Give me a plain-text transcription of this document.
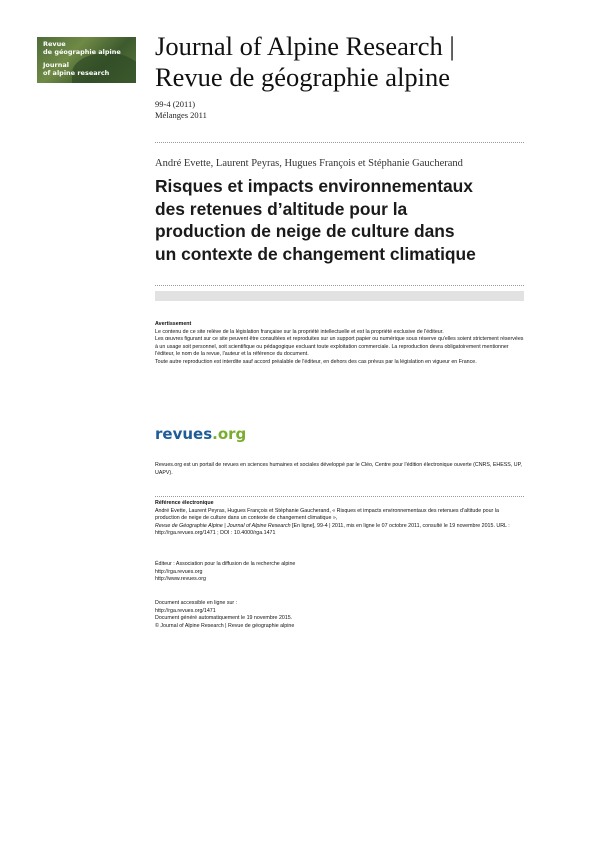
Revue
de géographie alpine
Journal
of alpine research
Journal of Alpine Research |
Revue de géographie alpine
99-4 (2011)
Mélanges 2011
André Evette, Laurent Peyras, Hugues François et Stéphanie Gaucherand
Risques et impacts environnementaux
des retenues d’altitude pour la
production de neige de culture dans
un contexte de changement climatique

Avertissement

Le contenu de ce site relève de la législation française sur la propriété intellectuelle et est la propriété exclusive de l'éditeur.

Les œuvres figurant sur ce site peuvent être consultées et reproduites sur un support papier ou numérique sous réserve qu'elles soient strictement réservées à un usage soit personnel, soit scientifique ou pédagogique excluant toute exploitation commerciale. La reproduction devra obligatoirement mentionner l'éditeur, le nom de la revue, l'auteur et la référence du document.

Toute autre reproduction est interdite sauf accord préalable de l'éditeur, en dehors des cas prévus par la législation en vigueur en France.

revues.org

Revues.org est un portail de revues en sciences humaines et sociales développé par le Cléo, Centre pour l'édition électronique ouverte (CNRS, EHESS, UP, UAPV).

Référence électronique

André Evette, Laurent Peyras, Hugues François et Stéphanie Gaucherand, « Risques et impacts environnementaux des retenues d’altitude pour la production de neige de culture dans un contexte de changement climatique »,
Revue de Géographie Alpine | Journal of Alpine Research [En ligne], 99-4 | 2011, mis en ligne le 07 octobre 2011, consulté le 19 novembre 2015. URL : http://rga.revues.org/1471 ; DOI : 10.4000/rga.1471

Éditeur : Association pour la diffusion de la recherche alpine

http://rga.revues.org

http://www.revues.org

Document accessible en ligne sur :

http://rga.revues.org/1471

Document généré automatiquement le 19 novembre 2015.

© Journal of Alpine Research | Revue de géographie alpine
